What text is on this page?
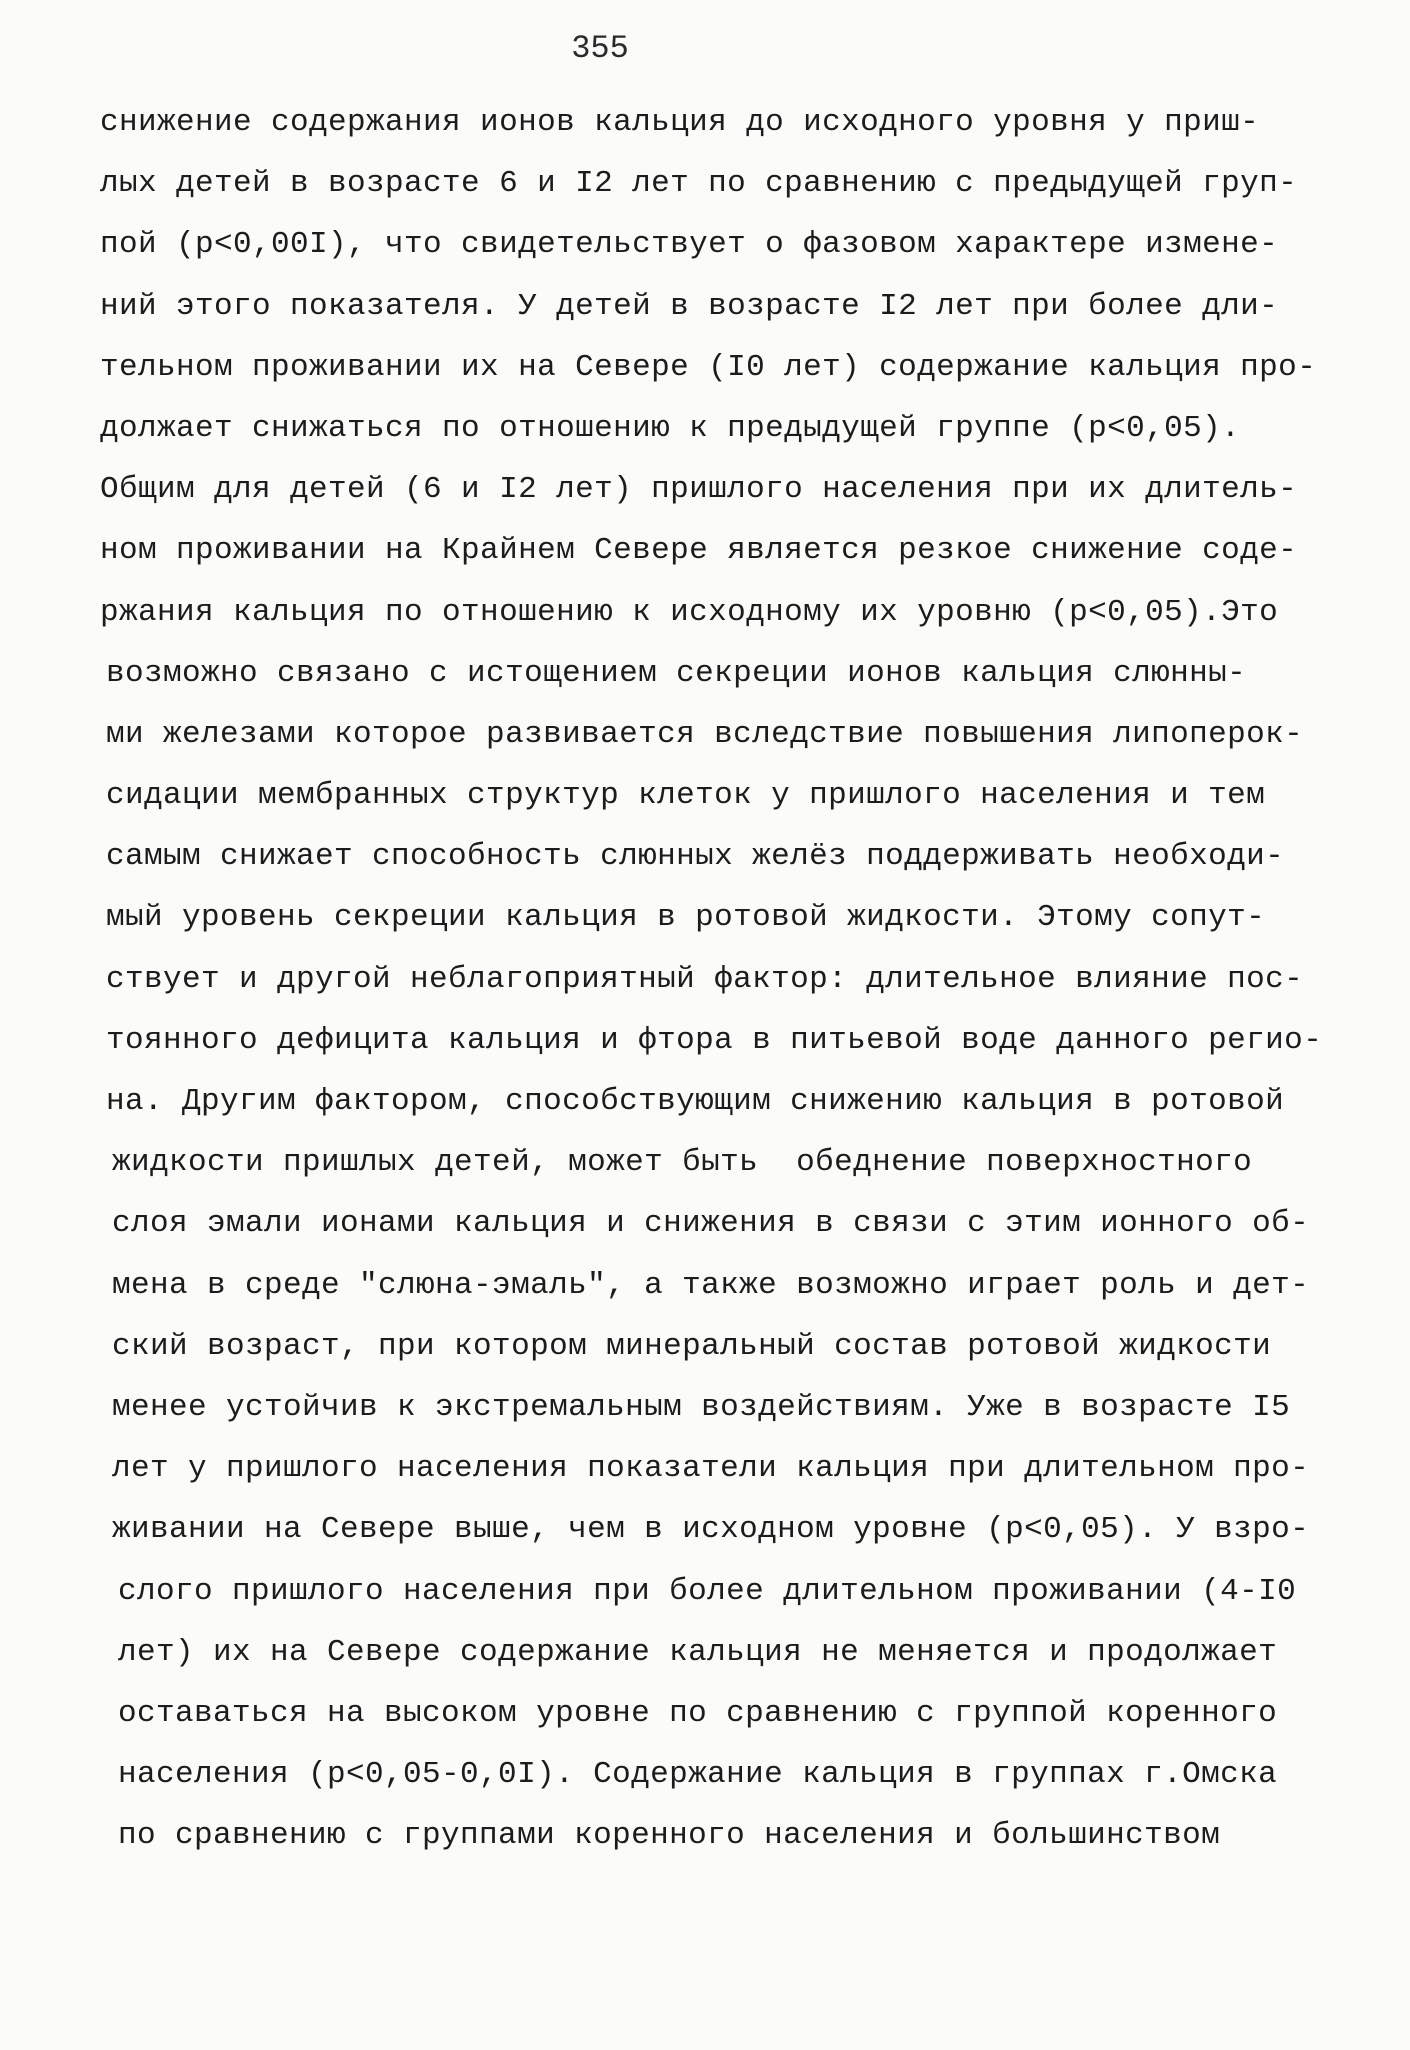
355
снижение содержания ионов кальция до исходного уровня у приш-
лых детей в возрасте 6 и I2 лет по сравнению с предыдущей груп-
пой (p<0,00I), что свидетельствует о фазовом характере измене-
ний этого показателя. У детей в возрасте I2 лет при более дли-
тельном проживании их на Севере (I0 лет) содержание кальция про-
должает снижаться по отношению к предыдущей группе (p<0,05).
Общим для детей (6 и I2 лет) пришлого населения при их длитель-
ном проживании на Крайнем Севере является резкое снижение соде-
ржания кальция по отношению к исходному их уровню (p<0,05).Это
возможно связано с истощением секреции ионов кальция слюнны-
ми железами которое развивается вследствие повышения липоперок-
сидации мембранных структур клеток у пришлого населения и тем
самым снижает способность слюнных желёз поддерживать необходи-
мый уровень секреции кальция в ротовой жидкости. Этому сопут-
ствует и другой неблагоприятный фактор: длительное влияние пос-
тоянного дефицита кальция и фтора в питьевой воде данного регио-
на. Другим фактором, способствующим снижению кальция в ротовой
жидкости пришлых детей, может быть  обеднение поверхностного
слоя эмали ионами кальция и снижения в связи с этим ионного об-
мена в среде "слюна-эмаль", а также возможно играет роль и дет-
ский возраст, при котором минеральный состав ротовой жидкости
менее устойчив к экстремальным воздействиям. Уже в возрасте I5
лет у пришлого населения показатели кальция при длительном про-
живании на Севере выше, чем в исходном уровне (p<0,05). У взро-
слого пришлого населения при более длительном проживании (4-I0
лет) их на Севере содержание кальция не меняется и продолжает
оставаться на высоком уровне по сравнению с группой коренного
населения (p<0,05-0,0I). Содержание кальция в группах г.Омска
по сравнению с группами коренного населения и большинством
